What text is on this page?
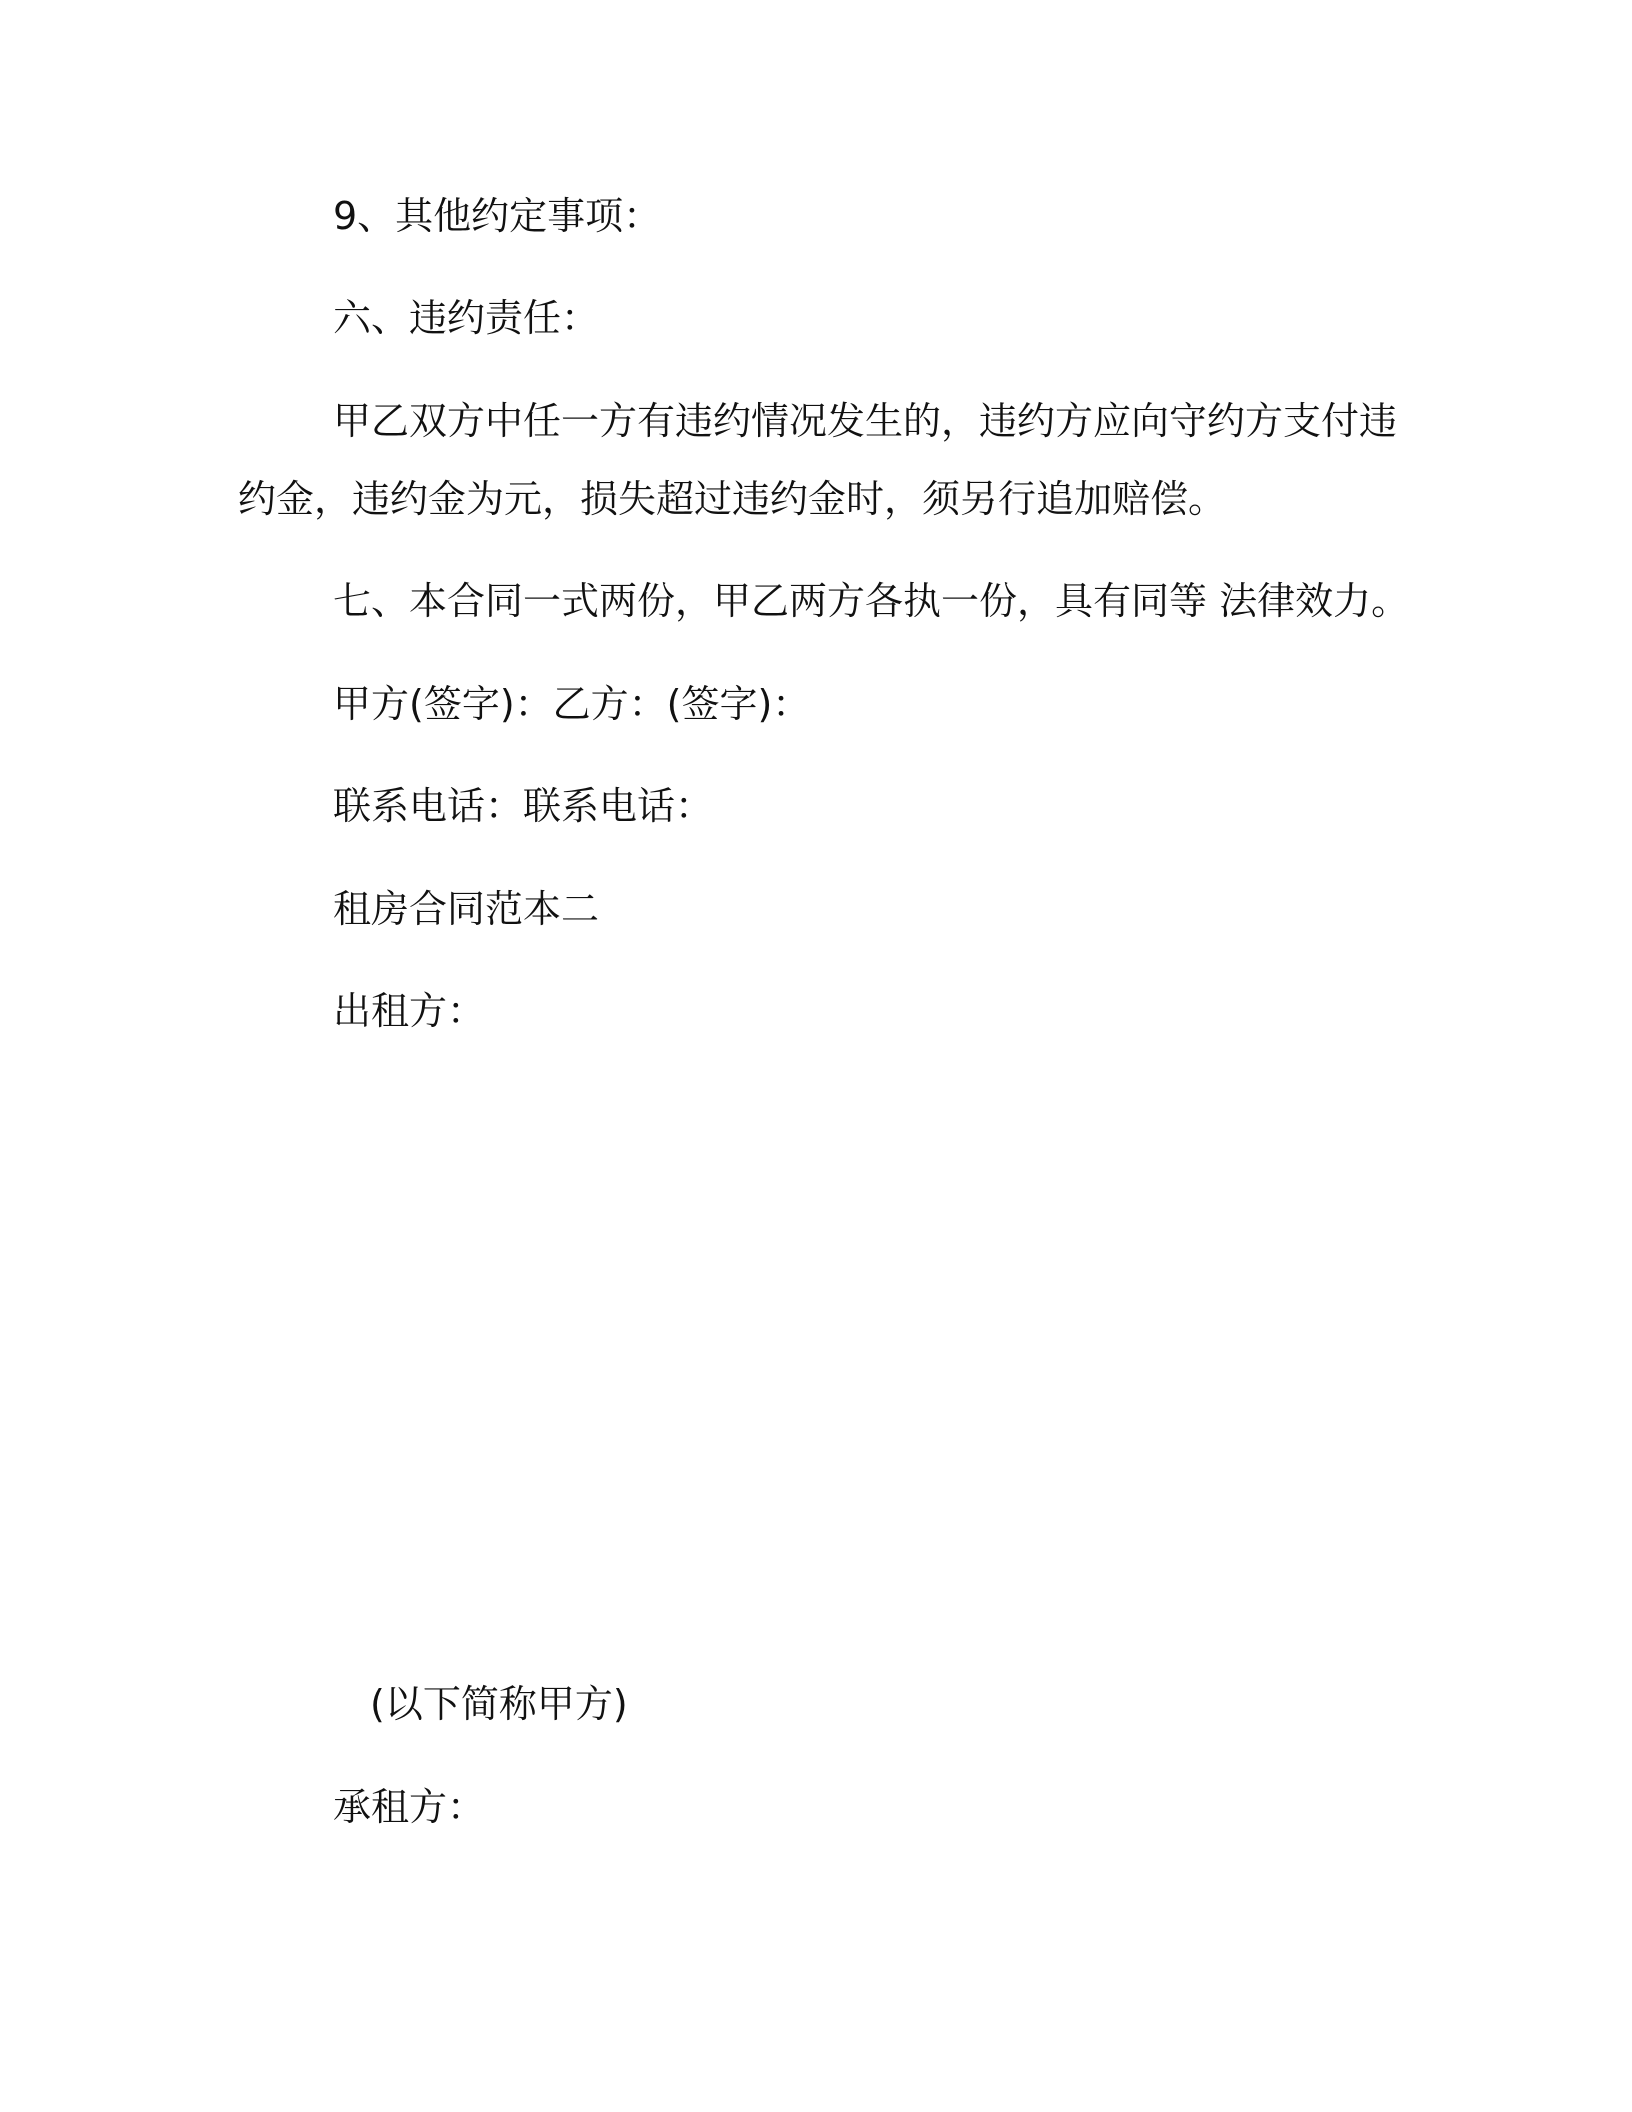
9、其他约定事项：
六、违约责任：
甲乙双方中任一方有违约情况发生的，违约方应向守约方支付违
约金，违约金为元，损失超过违约金时，须另行追加赔偿。
七、本合同一式两份，甲乙两方各执一份，具有同等 法律效力。
甲方(签字)：乙方：(签字)：
联系电话：联系电话：
租房合同范本二
出租方：
(以下简称甲方)
承租方：
